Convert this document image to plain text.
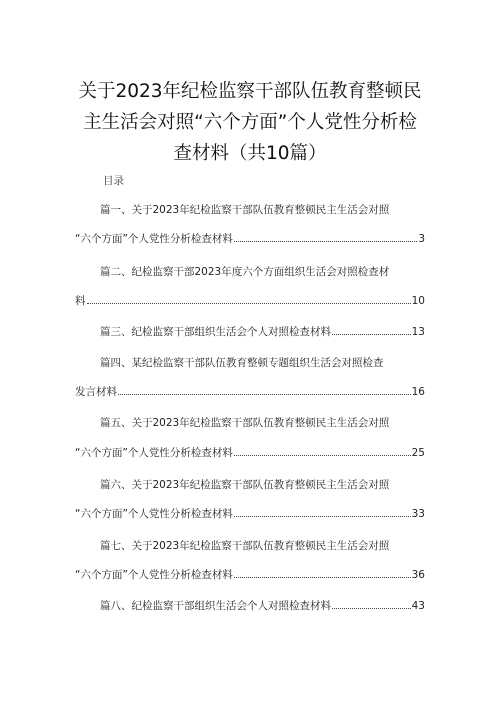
关于2023年纪检监察干部队伍教育整顿民
主生活会对照“六个方面”个人党性分析检
查材料（共10篇）
目录
篇一、关于2023年纪检监察干部队伍教育整顿民主生活会对照
“六个方面”个人党性分析检查材料	3
篇二、纪检监察干部2023年度六个方面组织生活会对照检查材
料	10
篇三、纪检监察干部组织生活会个人对照检查材料	13
篇四、某纪检监察干部队伍教育整顿专题组织生活会对照检查
发言材料	16
篇五、关于2023年纪检监察干部队伍教育整顿民主生活会对照
“六个方面”个人党性分析检查材料	25
篇六、关于2023年纪检监察干部队伍教育整顿民主生活会对照
“六个方面”个人党性分析检查材料	33
篇七、关于2023年纪检监察干部队伍教育整顿民主生活会对照
“六个方面”个人党性分析检查材料	36
篇八、纪检监察干部组织生活会个人对照检查材料	43
